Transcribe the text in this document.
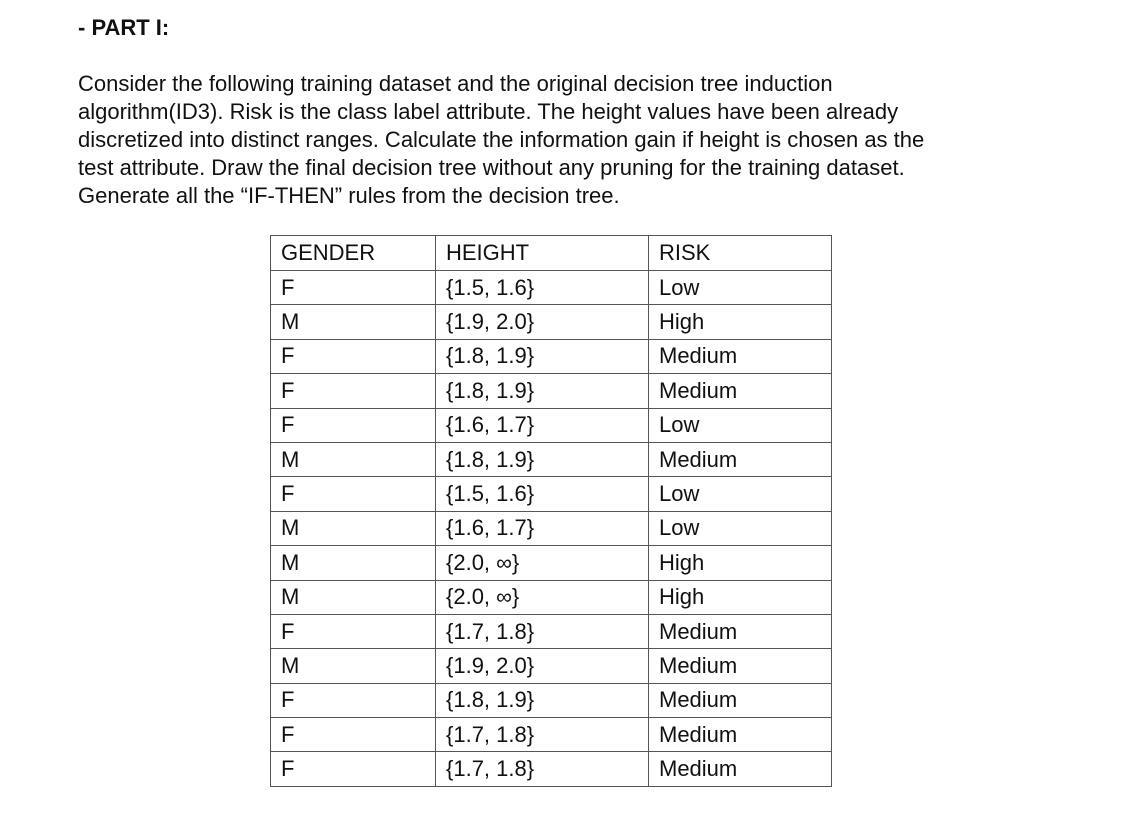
- PART I:
Consider the following training dataset and the original decision tree induction
algorithm(ID3). Risk is the class label attribute. The height values have been already
discretized into distinct ranges. Calculate the information gain if height is chosen as the
test attribute. Draw the final decision tree without any pruning for the training dataset.
Generate all the “IF-THEN” rules from the decision tree.
GENDER	HEIGHT	RISK
F	{1.5, 1.6}	Low
M	{1.9, 2.0}	High
F	{1.8, 1.9}	Medium
F	{1.8, 1.9}	Medium
F	{1.6, 1.7}	Low
M	{1.8, 1.9}	Medium
F	{1.5, 1.6}	Low
M	{1.6, 1.7}	Low
M	{2.0, ∞}	High
M	{2.0, ∞}	High
F	{1.7, 1.8}	Medium
M	{1.9, 2.0}	Medium
F	{1.8, 1.9}	Medium
F	{1.7, 1.8}	Medium
F	{1.7, 1.8}	Medium
